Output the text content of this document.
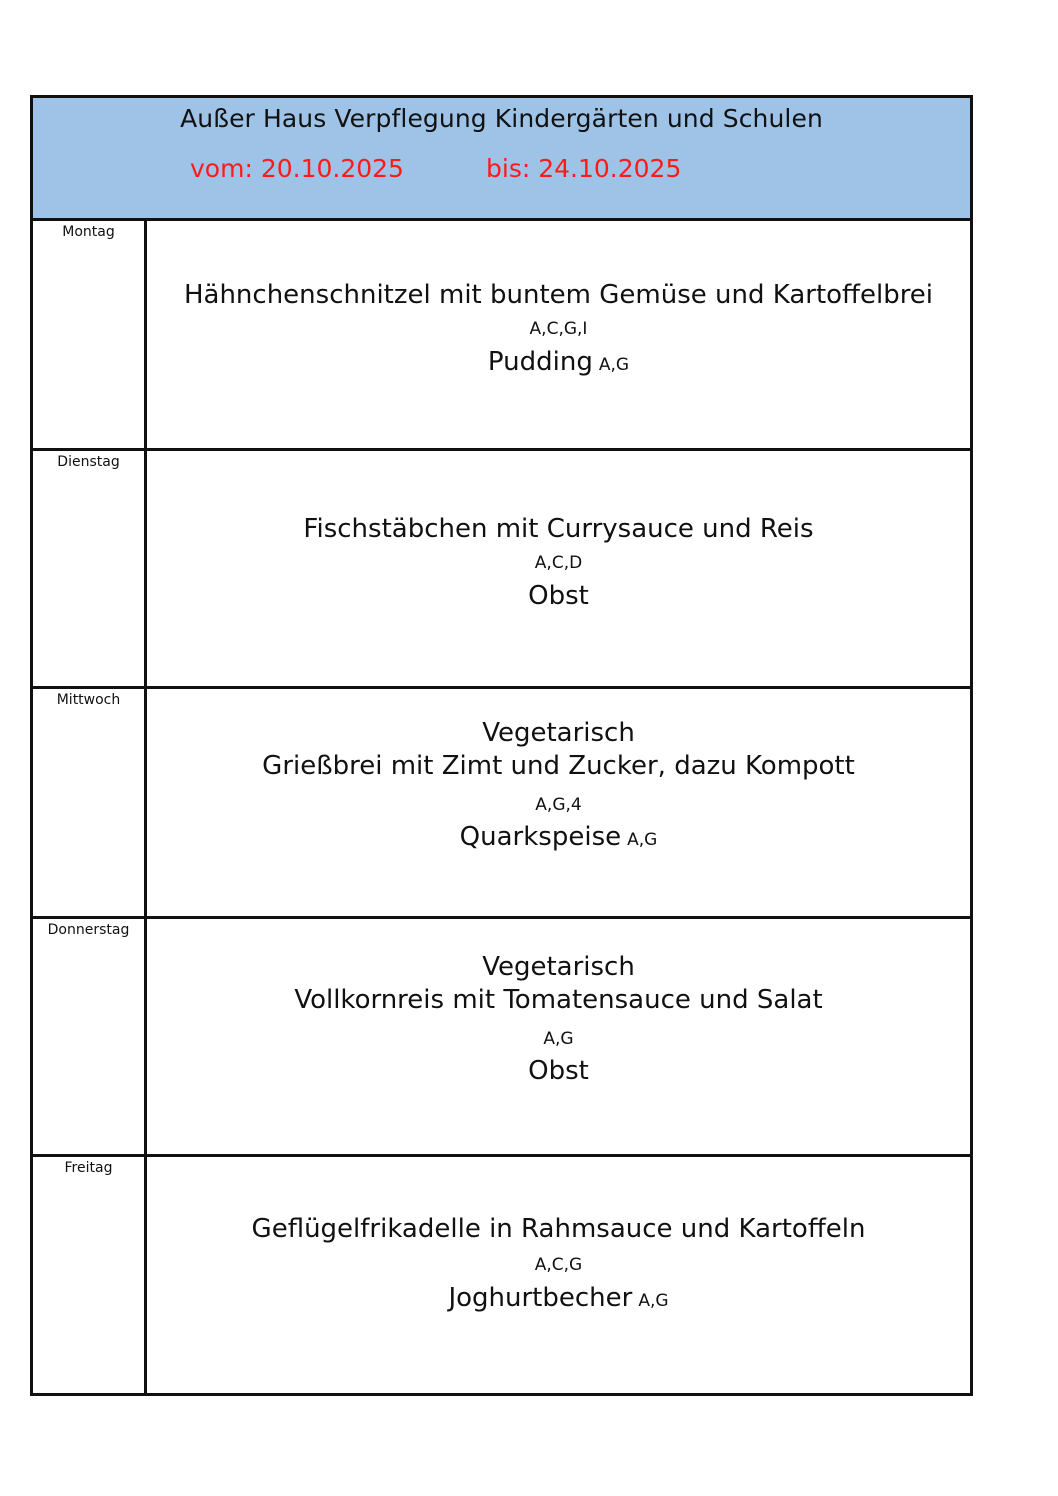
Außer Haus Verpflegung Kindergärten und Schulen
vom: 20.10.2025	bis: 24.10.2025
Montag
Hähnchenschnitzel mit buntem Gemüse und Kartoffelbrei
A,C,G,I
Pudding A,G
Dienstag
Fischstäbchen mit Currysauce und Reis
A,C,D
Obst
Mittwoch
Vegetarisch
Grießbrei mit Zimt und Zucker, dazu Kompott
A,G,4
Quarkspeise A,G
Donnerstag
Vegetarisch
Vollkornreis mit Tomatensauce und Salat
A,G
Obst
Freitag
Geflügelfrikadelle in Rahmsauce und Kartoffeln
A,C,G
Joghurtbecher A,G
